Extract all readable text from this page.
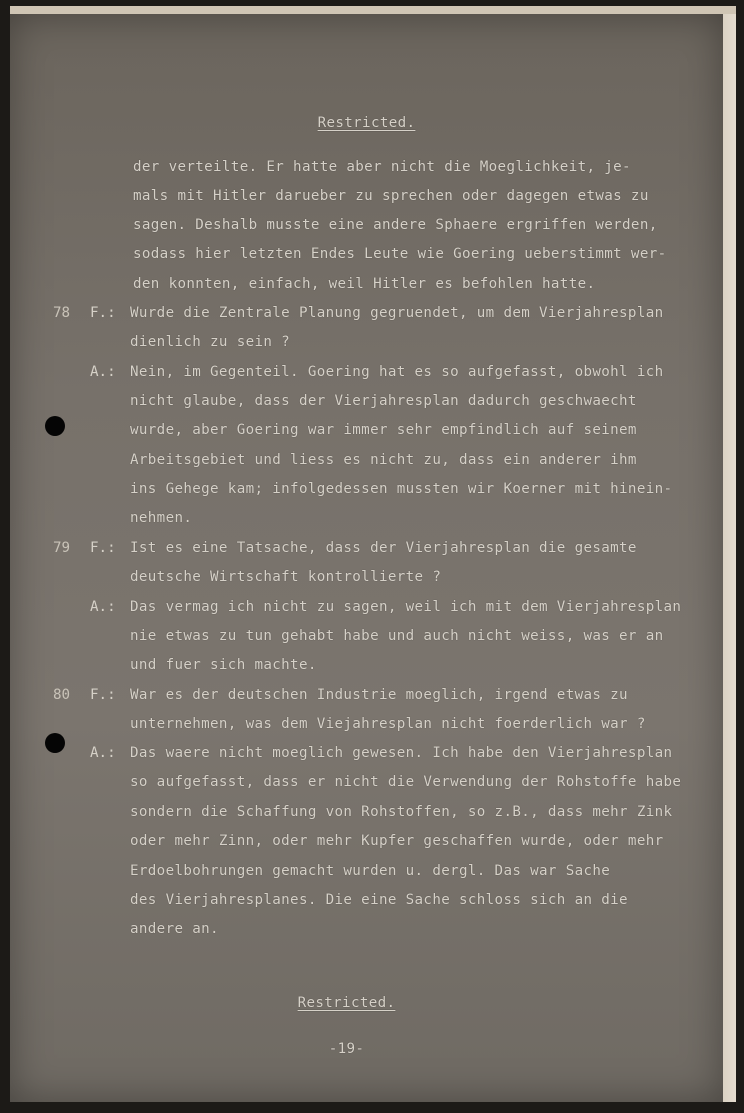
Restricted.
der verteilte. Er hatte aber nicht die Moeglichkeit, je-
mals mit Hitler darueber zu sprechen oder dagegen etwas zu
sagen. Deshalb musste eine andere Sphaere ergriffen werden,
sodass hier letzten Endes Leute wie Goering ueberstimmt wer-
den konnten, einfach, weil Hitler es befohlen hatte.
78 F.: Wurde die Zentrale Planung gegruendet, um dem Vierjahresplan
dienlich zu sein ?
A.: Nein, im Gegenteil. Goering hat es so aufgefasst, obwohl ich
nicht glaube, dass der Vierjahresplan dadurch geschwaecht
wurde, aber Goering war immer sehr empfindlich auf seinem
Arbeitsgebiet und liess es nicht zu, dass ein anderer ihm
ins Gehege kam; infolgedessen mussten wir Koerner mit hinein-
nehmen.
79 F.: Ist es eine Tatsache, dass der Vierjahresplan die gesamte
deutsche Wirtschaft kontrollierte ?
A.: Das vermag ich nicht zu sagen, weil ich mit dem Vierjahresplan
nie etwas zu tun gehabt habe und auch nicht weiss, was er an
und fuer sich machte.
80 F.: War es der deutschen Industrie moeglich, irgend etwas zu
unternehmen, was dem Viejahresplan nicht foerderlich war ?
A.: Das waere nicht moeglich gewesen. Ich habe den Vierjahresplan
so aufgefasst, dass er nicht die Verwendung der Rohstoffe habe
sondern die Schaffung von Rohstoffen, so z.B., dass mehr Zink
oder mehr Zinn, oder mehr Kupfer geschaffen wurde, oder mehr
Erdoelbohrungen gemacht wurden u. dergl. Das war Sache
des Vierjahresplanes. Die eine Sache schloss sich an die
andere an.
Restricted.
-19-
